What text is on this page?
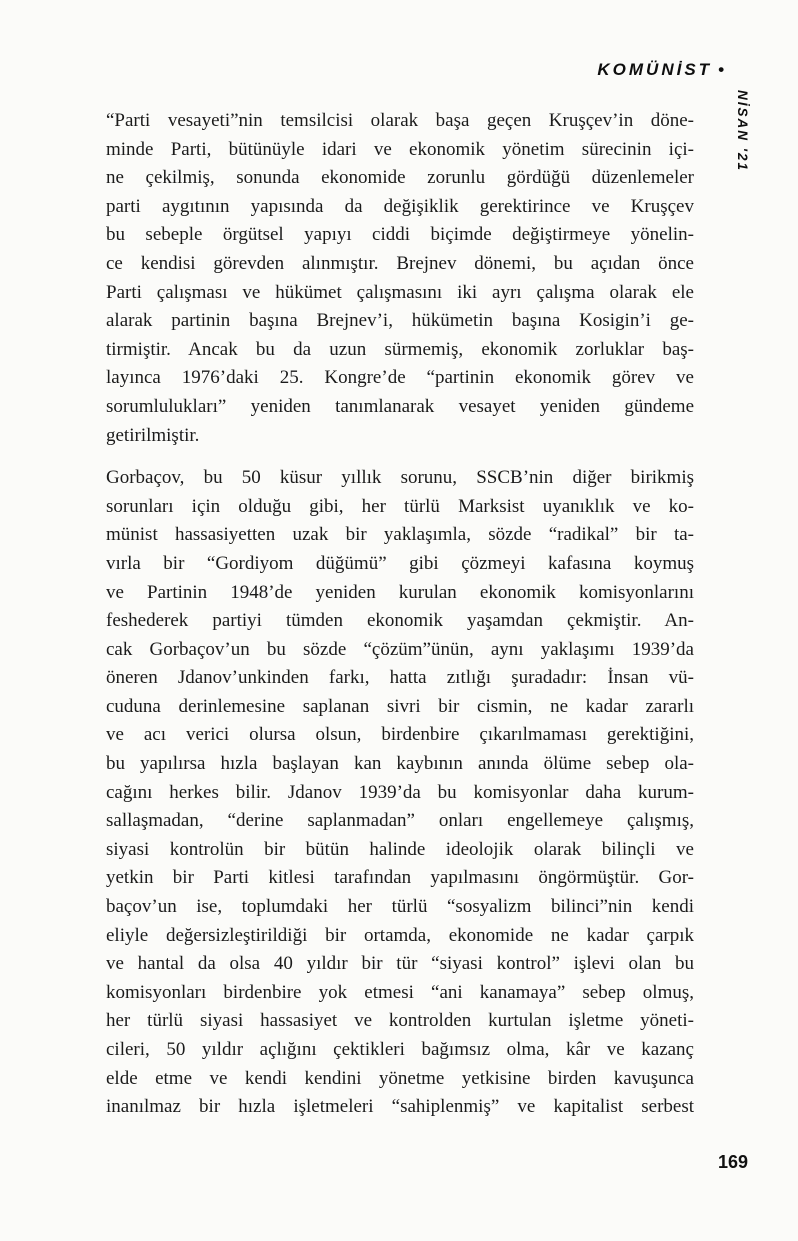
KOMÜNİST •
NİSAN '21
“Parti vesayeti”nin temsilcisi olarak başa geçen Kruşçev’in döne-
minde Parti, bütünüyle idari ve ekonomik yönetim sürecinin içi-
ne çekilmiş, sonunda ekonomide zorunlu gördüğü düzenlemeler
parti aygıtının yapısında da değişiklik gerektirince ve Kruşçev
bu sebeple örgütsel yapıyı ciddi biçimde değiştirmeye yönelin-
ce kendisi görevden alınmıştır. Brejnev dönemi, bu açıdan önce
Parti çalışması ve hükümet çalışmasını iki ayrı çalışma olarak ele
alarak partinin başına Brejnev’i, hükümetin başına Kosigin’i ge-
tirmiştir. Ancak bu da uzun sürmemiş, ekonomik zorluklar baş-
layınca 1976’daki 25. Kongre’de “partinin ekonomik görev ve
sorumlulukları” yeniden tanımlanarak vesayet yeniden gündeme
getirilmiştir.
Gorbaçov, bu 50 küsur yıllık sorunu, SSCB’nin diğer birikmiş
sorunları için olduğu gibi, her türlü Marksist uyanıklık ve ko-
münist hassasiyetten uzak bir yaklaşımla, sözde “radikal” bir ta-
vırla bir “Gordiyom düğümü” gibi çözmeyi kafasına koymuş
ve Partinin 1948’de yeniden kurulan ekonomik komisyonlarını
feshederek partiyi tümden ekonomik yaşamdan çekmiştir. An-
cak Gorbaçov’un bu sözde “çözüm”ünün, aynı yaklaşımı 1939’da
öneren Jdanov’unkinden farkı, hatta zıtlığı şuradadır: İnsan vü-
cuduna derinlemesine saplanan sivri bir cismin, ne kadar zararlı
ve acı verici olursa olsun, birdenbire çıkarılmaması gerektiğini,
bu yapılırsa hızla başlayan kan kaybının anında ölüme sebep ola-
cağını herkes bilir. Jdanov 1939’da bu komisyonlar daha kurum-
sallaşmadan, “derine saplanmadan” onları engellemeye çalışmış,
siyasi kontrolün bir bütün halinde ideolojik olarak bilinçli ve
yetkin bir Parti kitlesi tarafından yapılmasını öngörmüştür. Gor-
baçov’un ise, toplumdaki her türlü “sosyalizm bilinci”nin kendi
eliyle değersizleştirildiği bir ortamda, ekonomide ne kadar çarpık
ve hantal da olsa 40 yıldır bir tür “siyasi kontrol” işlevi olan bu
komisyonları birdenbire yok etmesi “ani kanamaya” sebep olmuş,
her türlü siyasi hassasiyet ve kontrolden kurtulan işletme yöneti-
cileri, 50 yıldır açlığını çektikleri bağımsız olma, kâr ve kazanç
elde etme ve kendi kendini yönetme yetkisine birden kavuşunca
inanılmaz bir hızla işletmeleri “sahiplenmiş” ve kapitalist serbest
169
